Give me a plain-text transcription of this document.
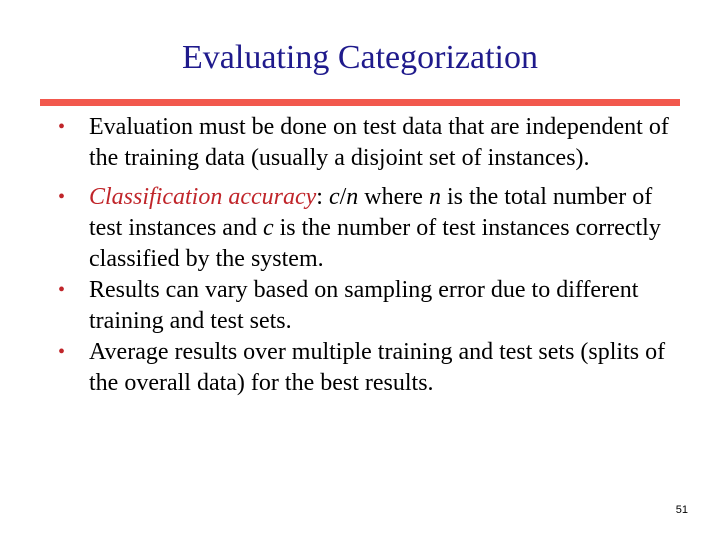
Evaluating Categorization
• Evaluation must be done on test data that are independent of the training data (usually a disjoint set of instances).
• Classification accuracy: c/n where n is the total number of test instances and c is the number of test instances correctly classified by the system.
• Results can vary based on sampling error due to different training and test sets.
• Average results over multiple training and test sets (splits of the overall data) for the best results.
51
